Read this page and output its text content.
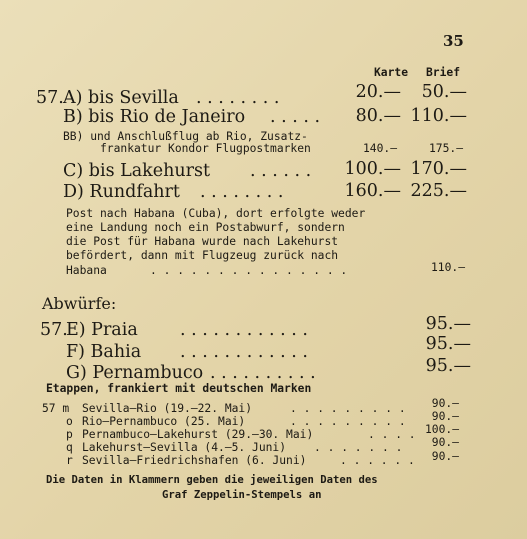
35
Karte Brief
57. A) bis Sevilla . . . . . . . .	20.— 50.—
B) bis Rio de Janeiro . . . . . 80.— 110.—
BB) und Anschlußflug ab Rio, Zusatz-
frankatur Kondor Flugpostmarken	140.—	175.—
C) bis Lakehurst . . . . . . 100.— 170.—
D) Rundfahrt . . . . . . . .	160.— 225.—
Post nach Habana (Cuba), dort erfolgte weder
eine Landung noch ein Postabwurf, sondern
die Post für Habana wurde nach Lakehurst
befördert, dann mit Flugzeug zurück nach
Habana	. . . . . . . . . . . . . . .	110.—
Abwürfe:
57.
E) Praia . . . . . . . . . . . .	95.—
F) Bahia . . . . . . . . . . . .	95.—
G) Pernambuco . . . . . . . . . .	95.—
Etappen, frankiert mit deutschen Marken
57 m Sevilla—Rio (19.—22. Mai)	. . . . . . . . . 90.—
o Rio—Pernambuco (25. Mai)	. . . . . . . . . 90.—
p Pernambuco—Lakehurst (29.—30. Mai)	. . . . 100.—
q Lakehurst—Sevilla (4.—5. Juni) . . . . . . .	90.—
r Sevilla—Friedrichshafen (6. Juni)	. . . . . . 90.—
Die Daten in Klammern geben die jeweiligen Daten des
Graf Zeppelin-Stempels an
